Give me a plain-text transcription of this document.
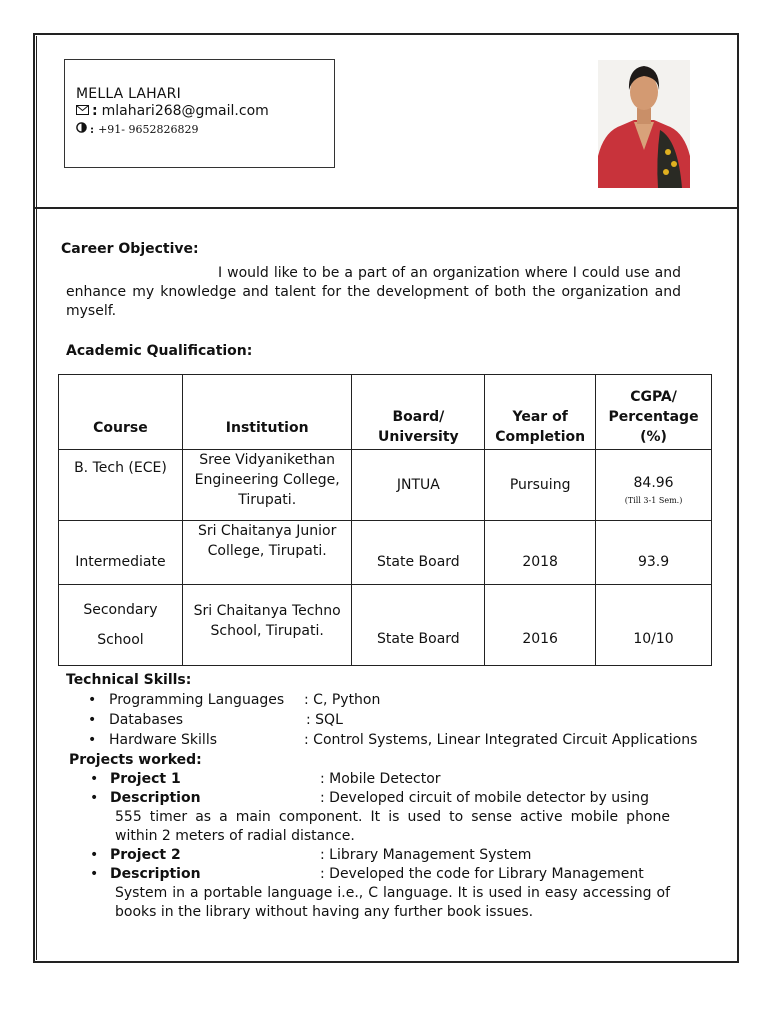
MELLA LAHARI
: mlahari268@gmail.com
: +91- 9652826829
Career Objective:
I would like to be a part of an organization where I could use and enhance my knowledge and talent for the development of both the organization and myself.
Academic Qualification:
Course	Institution	Board/ University	Year of Completion	CGPA/ Percentage (%)
B. Tech (ECE)	Sree Vidyanikethan Engineering College, Tirupati.	JNTUA	Pursuing	84.96
(Till 3-1 Sem.)

Intermediate	Sri Chaitanya Junior College, Tirupati.	State Board	2018	93.9
Secondary School	Sri Chaitanya Techno School, Tirupati.	State Board	2016	10/10
Technical Skills:
• Programming Languages : C, Python
• Databases	: SQL
• Hardware Skills	: Control Systems, Linear Integrated Circuit Applications
Projects worked:
• Project 1	: Mobile Detector
• Description	: Developed circuit of mobile detector by using
555 timer as a main component. It is used to sense active mobile phone within 2 meters of radial distance.
• Project 2	: Library Management System
• Description	: Developed the code for Library Management
System in a portable language i.e., C language. It is used in easy accessing of books in the library without having any further book issues.
